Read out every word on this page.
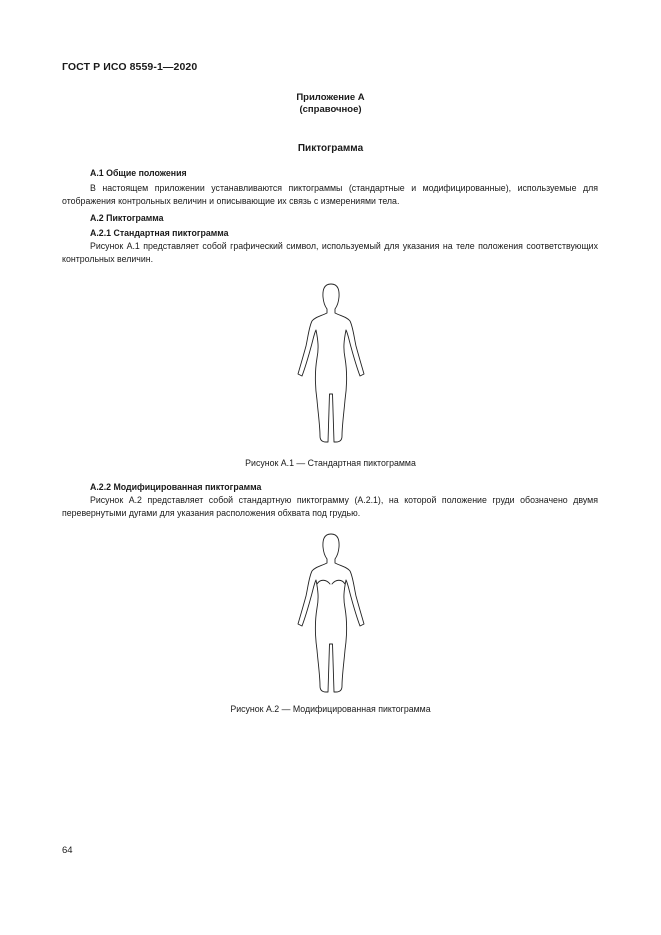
ГОСТ Р ИСО 8559-1—2020
Приложение А
(справочное)
Пиктограмма
А.1 Общие положения
В настоящем приложении устанавливаются пиктограммы (стандартные и модифицированные), используемые для отображения контрольных величин и описывающие их связь с измерениями тела.
А.2 Пиктограмма
А.2.1 Стандартная пиктограмма
Рисунок А.1 представляет собой графический символ, используемый для указания на теле положения соответствующих контрольных величин.
Рисунок А.1 — Стандартная пиктограмма
А.2.2 Модифицированная пиктограмма
Рисунок А.2 представляет собой стандартную пиктограмму (А.2.1), на которой положение груди обозначено двумя перевернутыми дугами для указания расположения обхвата под грудью.
Рисунок А.2 — Модифицированная пиктограмма
64
